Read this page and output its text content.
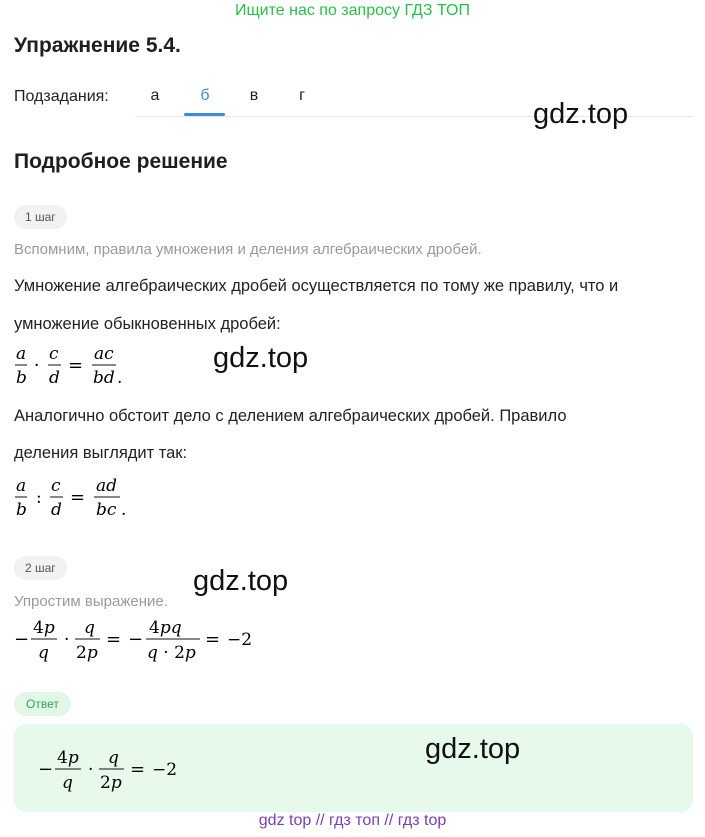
Ищите нас по запросу ГДЗ ТОП
Упражнение 5.4.
Подзадания:	а	б	в	г
gdz.top
Подробное решение
1 шаг
Вспомним, правила умножения и деления алгебраических дробей.
Умножение алгебраических дробей осуществляется по тому же правилу, что и
умножение обыкновенных дробей:
a
b
·
c
d
=
ac
bd .
gdz.top
Аналогично обстоит дело с делением алгебраических дробей. Правило
деления выглядит так:
a
b
:
c
d
=
ad
bc .
2 шаг	gdz.top
Упростим выражение.
−
4p
q
·
q
2p
= −
4pq
q · 2p
= −2
Ответ
−
4p
q
·
q
2p
= −2
gdz.top
gdz top // гдз топ // гдз top
